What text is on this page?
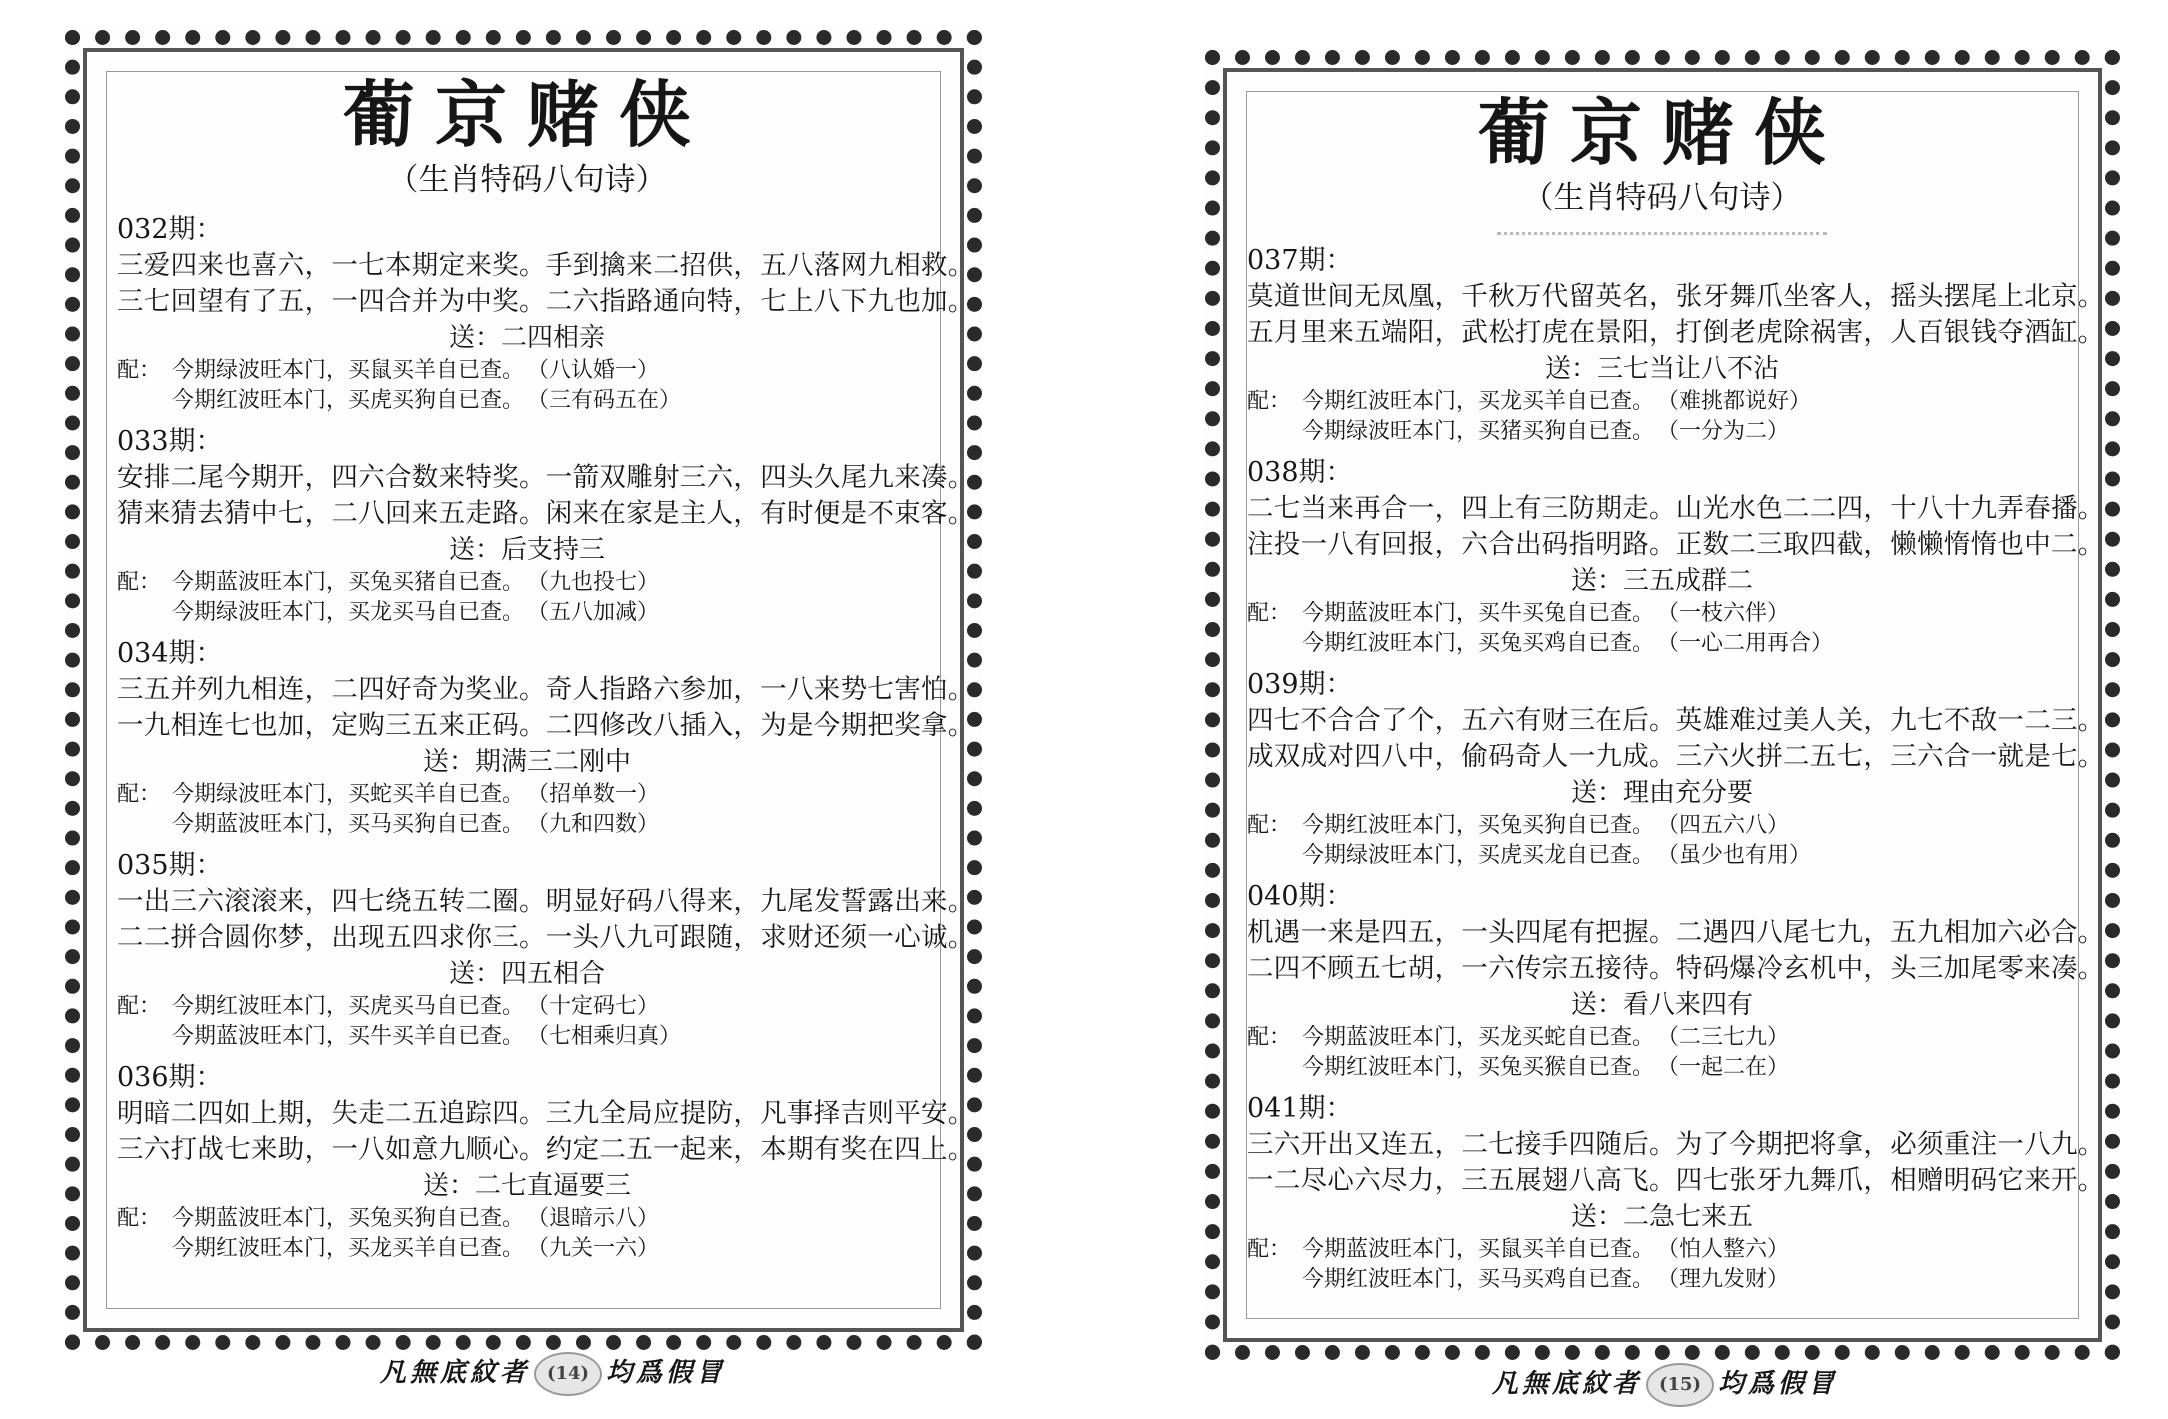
葡京赌侠
（生肖特码八句诗）
032期：
三爱四来也喜六，一七本期定来奖。手到擒来二招供，五八落网九相救。
三七回望有了五，一四合并为中奖。二六指路通向特，七上八下九也加。
送：二四相亲
配： 今期绿波旺本门，买鼠买羊自已查。 （八认婚一）
今期红波旺本门，买虎买狗自已查。 （三有码五在）
033期：
安排二尾今期开，四六合数来特奖。一箭双雕射三六，四头久尾九来凑。
猜来猜去猜中七，二八回来五走路。闲来在家是主人，有时便是不束客。
送：后支持三
配： 今期蓝波旺本门，买兔买猪自已查。 （九也投七）
今期绿波旺本门，买龙买马自已查。 （五八加减）
034期：
三五并列九相连，二四好奇为奖业。奇人指路六参加，一八来势七害怕。
一九相连七也加，定购三五来正码。二四修改八插入，为是今期把奖拿。
送：期满三二刚中
配： 今期绿波旺本门，买蛇买羊自已查。 （招单数一）
今期蓝波旺本门，买马买狗自已查。 （九和四数）
035期：
一出三六滚滚来，四七绕五转二圈。明显好码八得来，九尾发誓露出来。
二二拼合圆你梦，出现五四求你三。一头八九可跟随，求财还须一心诚。
送：四五相合
配： 今期红波旺本门，买虎买马自已查。 （十定码七）
今期蓝波旺本门，买牛买羊自已查。 （七相乘归真）
036期：
明暗二四如上期，失走二五追踪四。三九全局应提防，凡事择吉则平安。
三六打战七来助，一八如意九顺心。约定二五一起来，本期有奖在四上。
送：二七直逼要三
配： 今期蓝波旺本门，买兔买狗自已查。 （退暗示八）
今期红波旺本门，买龙买羊自已查。 （九关一六）
凡無底紋者 (14) 均爲假冒
葡京赌侠
（生肖特码八句诗）
037期：
莫道世间无凤凰，千秋万代留英名，张牙舞爪坐客人，摇头摆尾上北京。
五月里来五端阳，武松打虎在景阳，打倒老虎除祸害，人百银钱夺酒缸。
送：三七当让八不沾
配： 今期红波旺本门，买龙买羊自已查。 （难挑都说好）
今期绿波旺本门，买猪买狗自已查。 （一分为二）
038期：
二七当来再合一，四上有三防期走。山光水色二二四，十八十九弄春播。
注投一八有回报，六合出码指明路。正数二三取四截，懒懒惰惰也中二。
送：三五成群二
配： 今期蓝波旺本门，买牛买兔自已查。 （一枝六伴）
今期红波旺本门，买兔买鸡自已查。 （一心二用再合）
039期：
四七不合合了个，五六有财三在后。英雄难过美人关，九七不敌一二三。
成双成对四八中，偷码奇人一九成。三六火拼二五七，三六合一就是七。
送：理由充分要
配： 今期红波旺本门，买兔买狗自已查。 （四五六八）
今期绿波旺本门，买虎买龙自已查。 （虽少也有用）
040期：
机遇一来是四五，一头四尾有把握。二遇四八尾七九，五九相加六必合。
二四不顾五七胡，一六传宗五接待。特码爆冷玄机中，头三加尾零来凑。
送：看八来四有
配： 今期蓝波旺本门，买龙买蛇自已查。 （二三七九）
今期红波旺本门，买兔买猴自已查。 （一起二在）
041期：
三六开出又连五，二七接手四随后。为了今期把将拿，必须重注一八九。
一二尽心六尽力，三五展翅八高飞。四七张牙九舞爪，相赠明码它来开。
送：二急七来五
配： 今期蓝波旺本门，买鼠买羊自已查。 （怕人整六）
今期红波旺本门，买马买鸡自已查。 （理九发财）
凡無底紋者 (15) 均爲假冒
